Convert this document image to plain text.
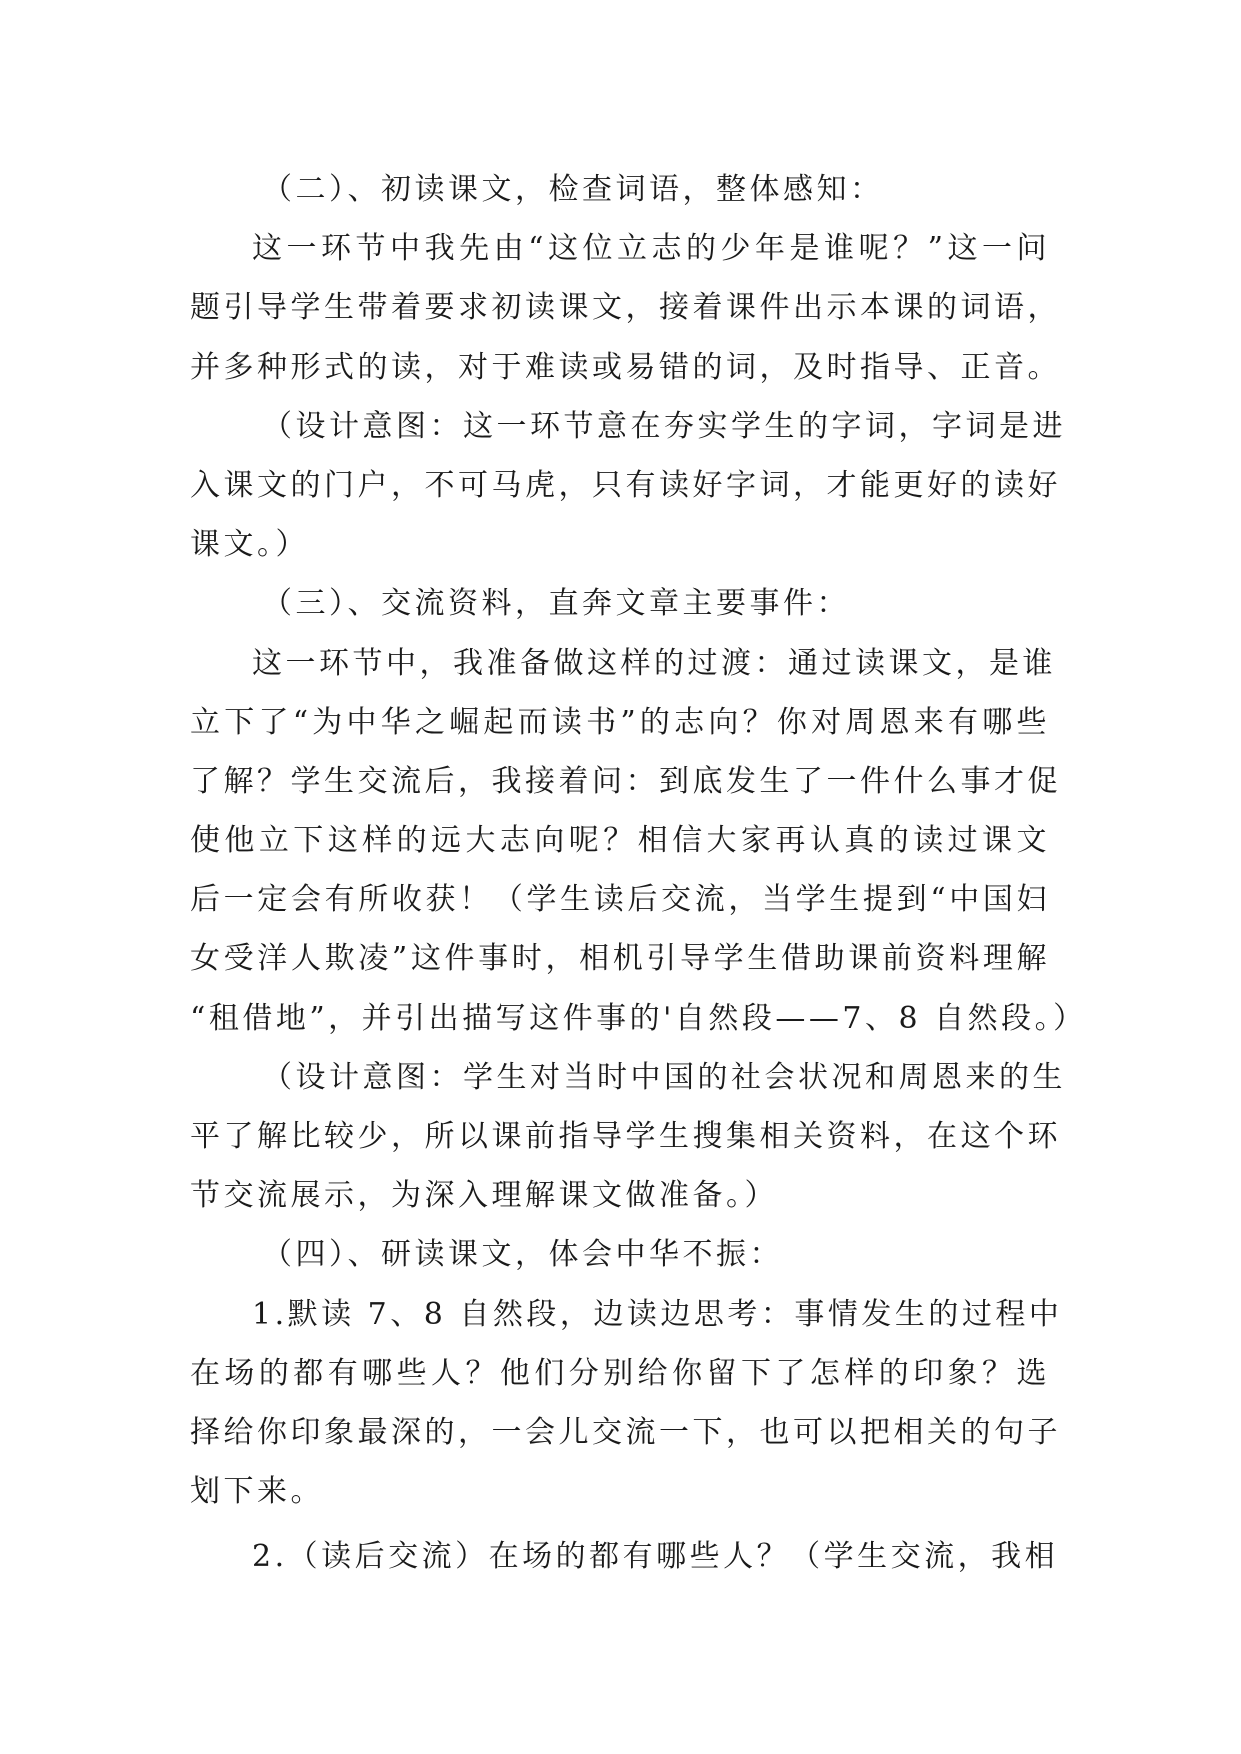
（二）、初读课文，检查词语，整体感知：
这一环节中我先由“这位立志的少年是谁呢？”这一问
题引导学生带着要求初读课文，接着课件出示本课的词语，
并多种形式的读，对于难读或易错的词，及时指导、正音。
（设计意图：这一环节意在夯实学生的字词，字词是进
入课文的门户，不可马虎，只有读好字词，才能更好的读好
课文。）
（三）、交流资料，直奔文章主要事件：
这一环节中，我准备做这样的过渡：通过读课文，是谁
立下了“为中华之崛起而读书”的志向？你对周恩来有哪些
了解？学生交流后，我接着问：到底发生了一件什么事才促
使他立下这样的远大志向呢？相信大家再认真的读过课文
后一定会有所收获！（学生读后交流，当学生提到“中国妇
女受洋人欺凌”这件事时，相机引导学生借助课前资料理解
“租借地”，并引出描写这件事的'自然段——7、8 自然段。）
（设计意图：学生对当时中国的社会状况和周恩来的生
平了解比较少，所以课前指导学生搜集相关资料，在这个环
节交流展示，为深入理解课文做准备。）
（四）、研读课文，体会中华不振：
1.默读 7、8 自然段，边读边思考：事情发生的过程中
在场的都有哪些人？他们分别给你留下了怎样的印象？选
择给你印象最深的，一会儿交流一下，也可以把相关的句子
划下来。
2.（读后交流）在场的都有哪些人？（学生交流，我相
